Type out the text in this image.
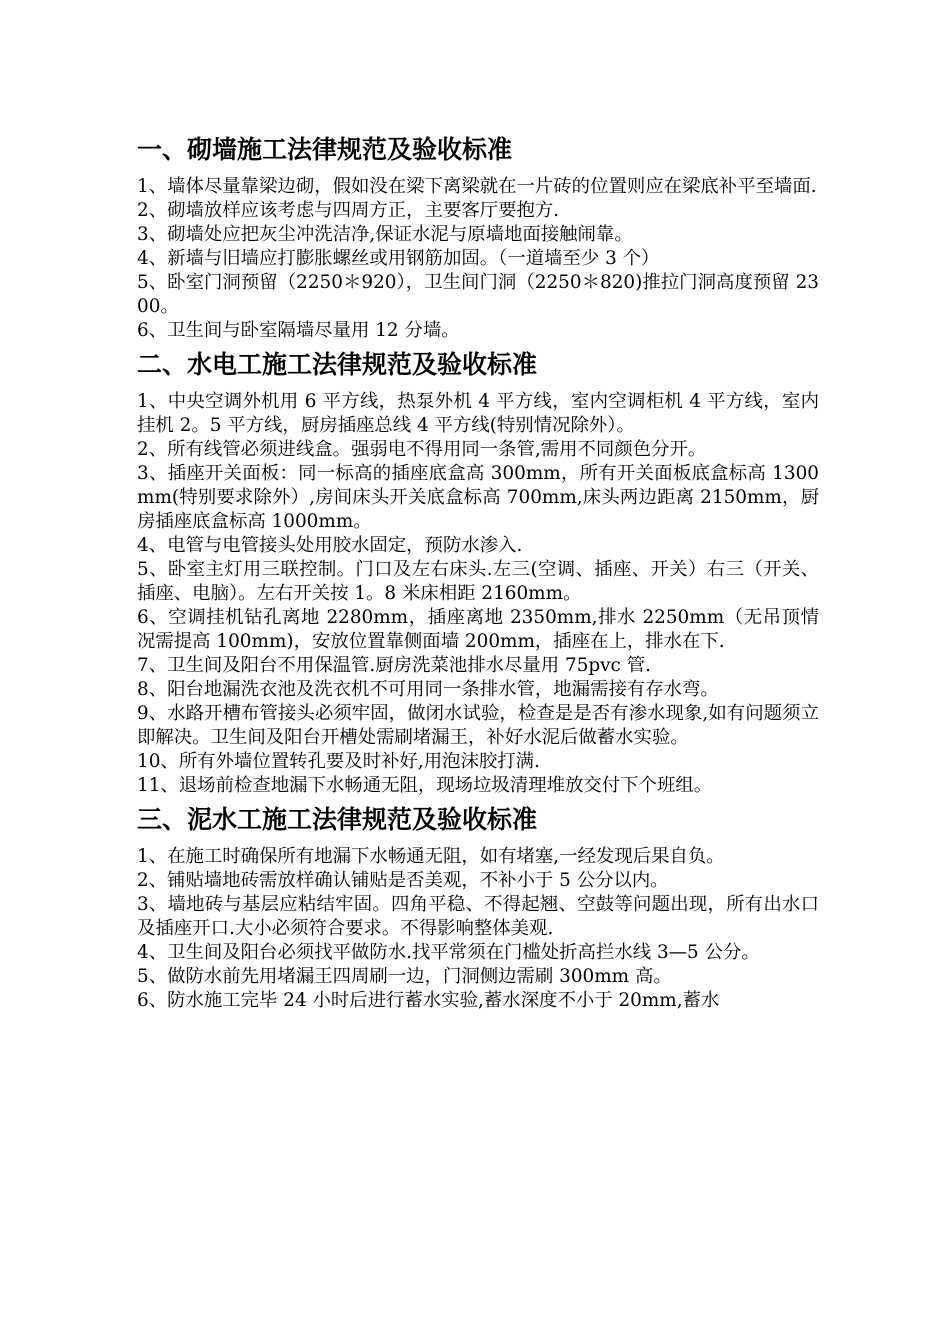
一、砌墙施工法律规范及验收标准

1、墙体尽量靠梁边砌，假如没在梁下离梁就在一片砖的位置则应在梁底补平至墙面.

2、砌墙放样应该考虑与四周方正，主要客厅要抱方.

3、砌墙处应把灰尘冲洗洁净,保证水泥与原墙地面接触闹靠。

4、新墙与旧墙应打膨胀螺丝或用钢筋加固。（一道墙至少 3 个）

5、卧室门洞预留（2250＊920），卫生间门洞（2250＊820)推拉门洞高度预留 2300。

6、卫生间与卧室隔墙尽量用 12 分墙。

二、水电工施工法律规范及验收标准

1、中央空调外机用 6 平方线，热泵外机 4 平方线，室内空调柜机 4 平方线，室内挂机 2。5 平方线，厨房插座总线 4 平方线(特别情况除外）。

2、所有线管必须进线盒。强弱电不得用同一条管,需用不同颜色分开。

3、插座开关面板：同一标高的插座底盒高 300mm，所有开关面板底盒标高 1300mm(特别要求除外）,房间床头开关底盒标高 700mm,床头两边距离 2150mm，厨房插座底盒标高 1000mm。

4、电管与电管接头处用胶水固定，预防水渗入.

5、卧室主灯用三联控制。门口及左右床头.左三(空调、插座、开关）右三（开关、插座、电脑）。左右开关按 1。8 米床相距 2160mm。

6、空调挂机钻孔离地 2280mm，插座离地 2350mm,排水 2250mm（无吊顶情况需提高 100mm)，安放位置靠侧面墙 200mm，插座在上，排水在下.

7、卫生间及阳台不用保温管.厨房洗菜池排水尽量用 75pvc 管.

8、阳台地漏洗衣池及洗衣机不可用同一条排水管，地漏需接有存水弯。

9、水路开槽布管接头必须牢固，做闭水试验，检查是是否有渗水现象,如有问题须立即解决。卫生间及阳台开槽处需刷堵漏王，补好水泥后做蓄水实验。

10、所有外墙位置转孔要及时补好,用泡沫胶打满.

11、退场前检查地漏下水畅通无阻，现场垃圾清理堆放交付下个班组。

三、泥水工施工法律规范及验收标准

1、在施工时确保所有地漏下水畅通无阻，如有堵塞,一经发现后果自负。

2、铺贴墙地砖需放样确认铺贴是否美观，不补小于 5 公分以内。

3、墙地砖与基层应粘结牢固。四角平稳、不得起翘、空鼓等问题出现，所有出水口及插座开口.大小必须符合要求。不得影响整体美观.

4、卫生间及阳台必须找平做防水.找平常须在门槛处折高拦水线 3—5 公分。

5、做防水前先用堵漏王四周刷一边，门洞侧边需刷 300mm 高。

6、防水施工完毕 24 小时后进行蓄水实验,蓄水深度不小于 20mm,蓄水
